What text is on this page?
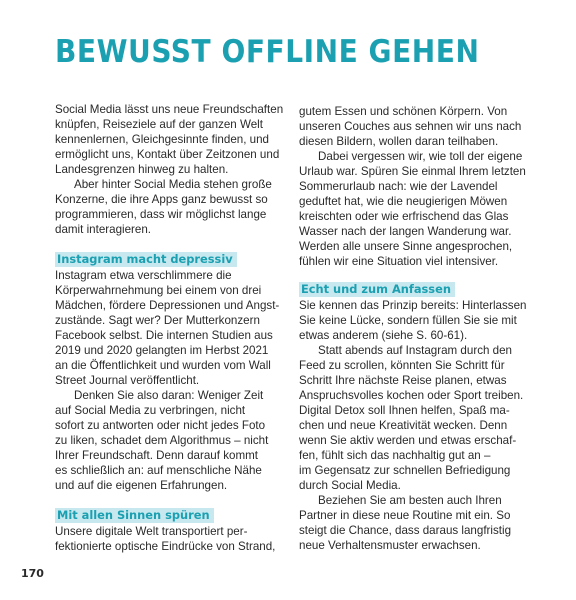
BEWUSST OFFLINE GEHEN

Social Media lässt uns neue Freundschaften
knüpfen, Reiseziele auf der ganzen Welt
kennenlernen, Gleichgesinnte finden, und
ermöglicht uns, Kontakt über Zeitzonen und
Landesgrenzen hinweg zu halten.

Aber hinter Social Media stehen große
Konzerne, die ihre Apps ganz bewusst so
programmieren, dass wir möglichst lange
damit interagieren.

Instagram macht depressiv

Instagram etwa verschlimmere die
Körperwahrnehmung bei einem von drei
Mädchen, fördere Depressionen und Angst-
zustände. Sagt wer? Der Mutterkonzern
Facebook selbst. Die internen Studien aus
2019 und 2020 gelangten im Herbst 2021
an die Öffentlichkeit und wurden vom Wall
Street Journal veröffentlicht.

Denken Sie also daran: Weniger Zeit
auf Social Media zu verbringen, nicht
sofort zu antworten oder nicht jedes Foto
zu liken, schadet dem Algorithmus – nicht
Ihrer Freundschaft. Denn darauf kommt
es schließlich an: auf menschliche Nähe
und auf die eigenen Erfahrungen.

Mit allen Sinnen spüren

Unsere digitale Welt transportiert per-
fektionierte optische Eindrücke von Strand,

gutem Essen und schönen Körpern. Von
unseren Couches aus sehnen wir uns nach
diesen Bildern, wollen daran teilhaben.

Dabei vergessen wir, wie toll der eigene
Urlaub war. Spüren Sie einmal Ihrem letzten
Sommerurlaub nach: wie der Lavendel
geduftet hat, wie die neugierigen Möwen
kreischten oder wie erfrischend das Glas
Wasser nach der langen Wanderung war.
Werden alle unsere Sinne angesprochen,
fühlen wir eine Situation viel intensiver.

Echt und zum Anfassen

Sie kennen das Prinzip bereits: Hinterlassen
Sie keine Lücke, sondern füllen Sie sie mit
etwas anderem (siehe S. 60-61).

Statt abends auf Instagram durch den
Feed zu scrollen, könnten Sie Schritt für
Schritt Ihre nächste Reise planen, etwas
Anspruchsvolles kochen oder Sport treiben.
Digital Detox soll Ihnen helfen, Spaß ma-
chen und neue Kreativität wecken. Denn
wenn Sie aktiv werden und etwas erschaf-
fen, fühlt sich das nachhaltig gut an –
im Gegensatz zur schnellen Befriedigung
durch Social Media.

Beziehen Sie am besten auch Ihren
Partner in diese neue Routine mit ein. So
steigt die Chance, dass daraus langfristig
neue Verhaltensmuster erwachsen.

170
